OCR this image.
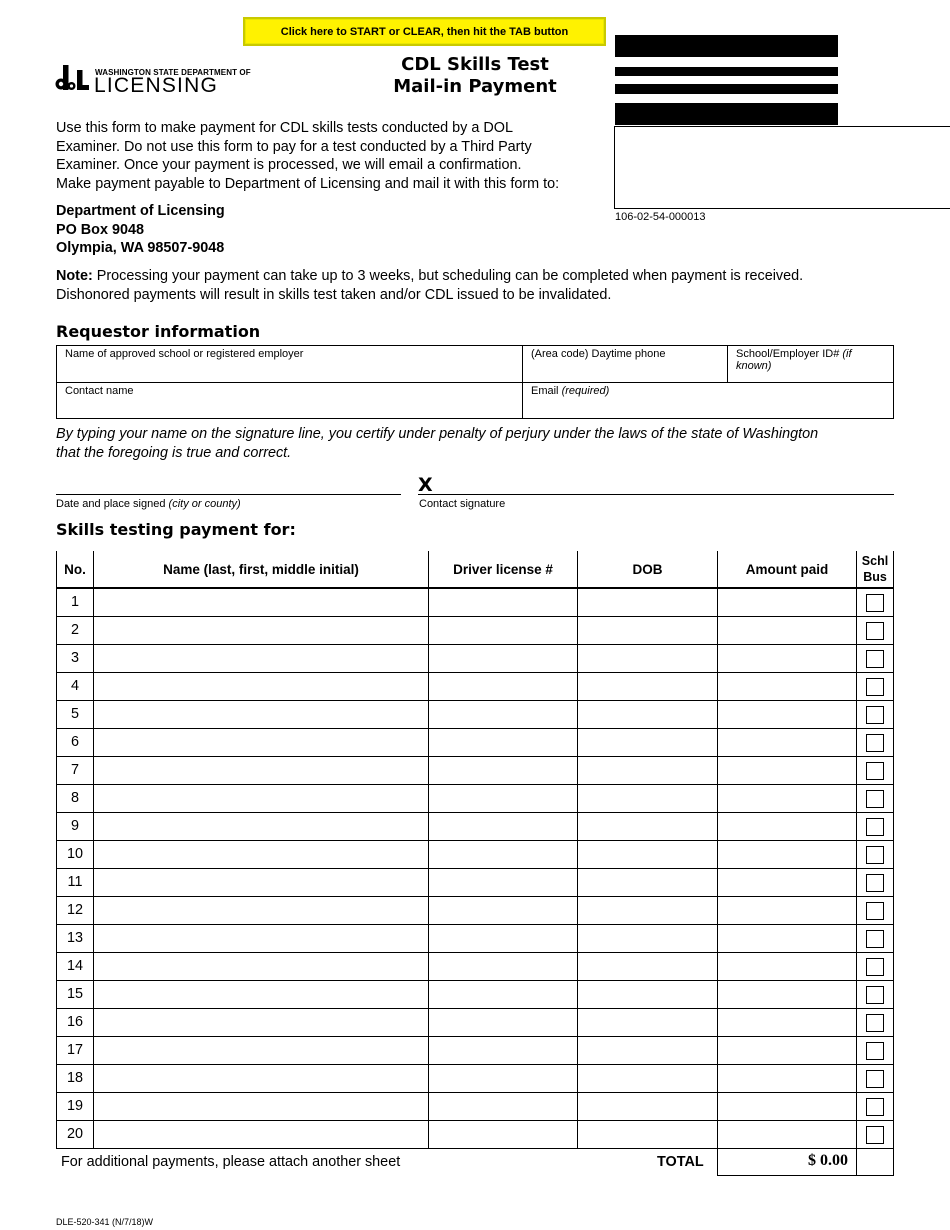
Click here to START or CLEAR, then hit the TAB button
WASHINGTON STATE DEPARTMENT OF
LICENSING
CDL Skills Test
Mail-in Payment
106-02-54-000013
Use this form to make payment for CDL skills tests conducted by a DOL
Examiner. Do not use this form to pay for a test conducted by a Third Party
Examiner. Once your payment is processed, we will email a confirmation.
Make payment payable to Department of Licensing and mail it with this form to:
Department of Licensing
PO Box 9048
Olympia, WA 98507-9048
Note: Processing your payment can take up to 3 weeks, but scheduling can be completed when payment is received.
Dishonored payments will result in skills test taken and/or CDL issued to be invalidated.
Requestor information
Name of approved school or registered employer	(Area code) Daytime phone	School/Employer ID# (if known)
Contact name	Email (required)
By typing your name on the signature line, you certify under penalty of perjury under the laws of the state of Washington
that the foregoing is true and correct.
Date and place signed (city or county)
X
Contact signature
Skills testing payment for:
No.	Name (last, first, middle initial)	Driver license #	DOB	Amount paid
Schl
Bus
1
2
3
4
5
6
7
8
9
10
11
12
13
14
15
16
17
18
19
20
For additional payments, please attach another sheet	TOTAL	$ 0.00
DLE-520-341 (N/7/18)W
